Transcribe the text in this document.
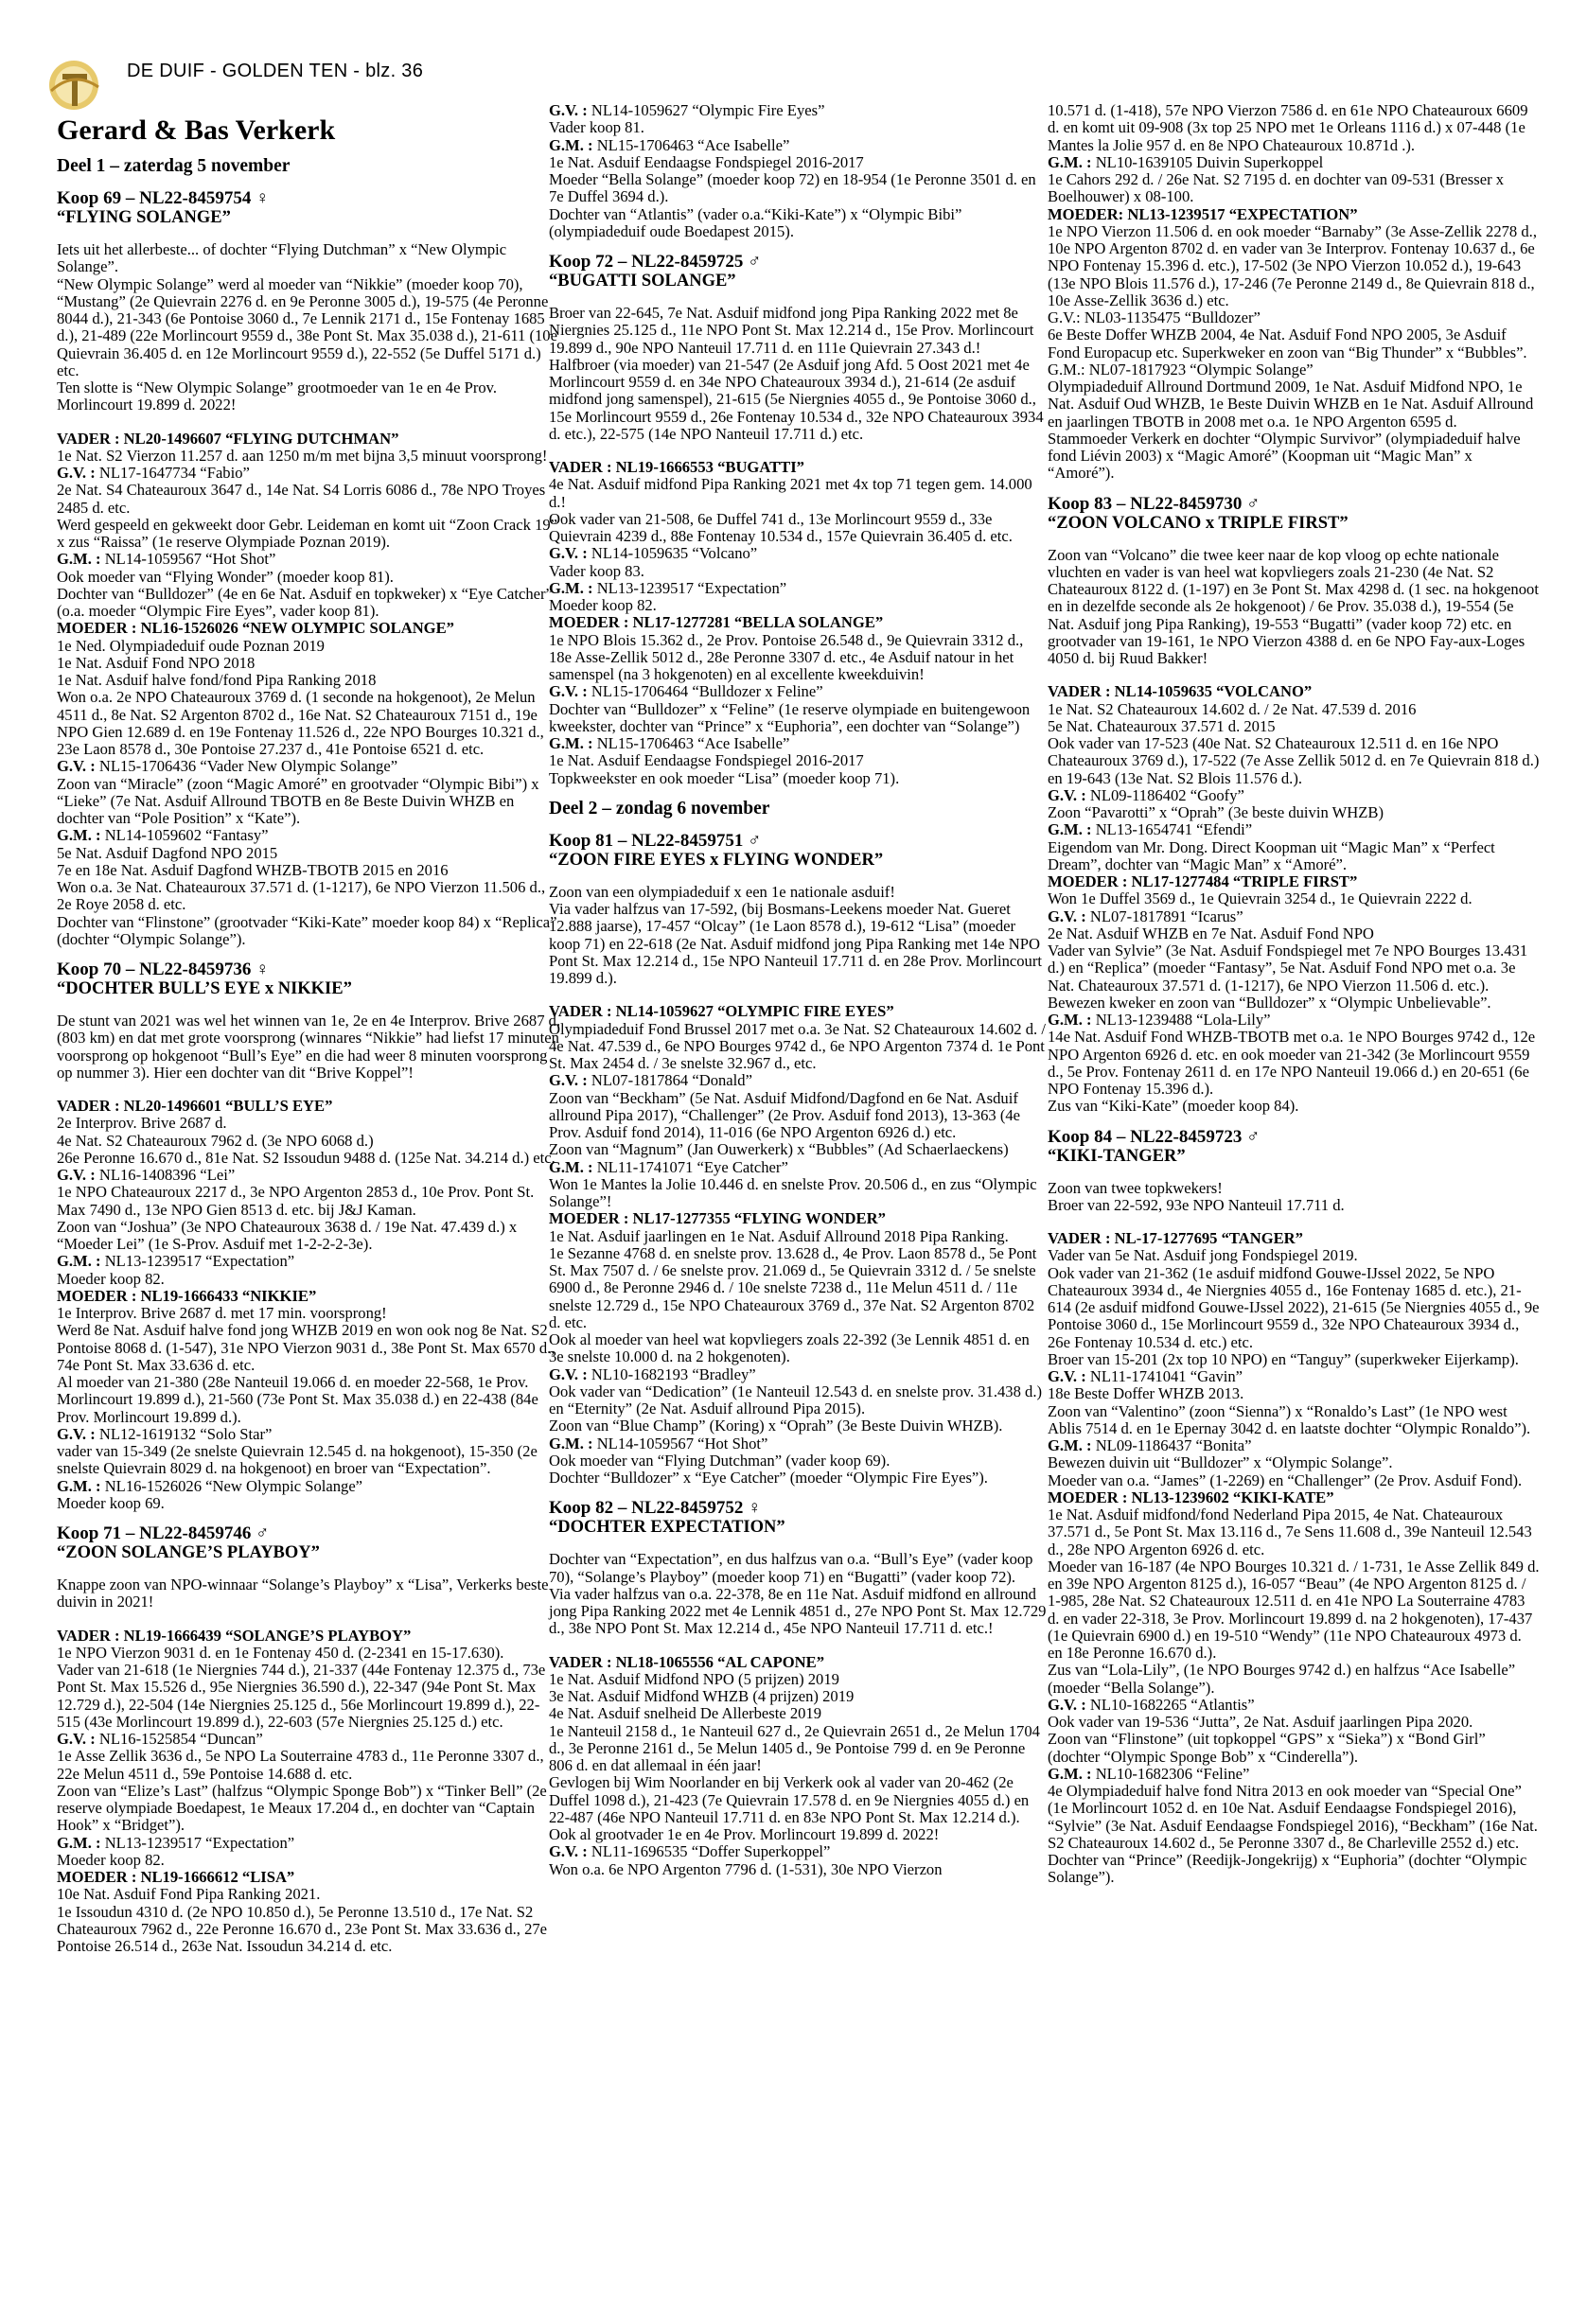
DE DUIF - GOLDEN TEN - blz. 36
Gerard & Bas Verkerk
Deel 1 – zaterdag 5 november
Koop 69 – NL22-8459754 ♀
“FLYING SOLANGE”
Iets uit het allerbeste... of dochter “Flying Dutchman” x “New Olympic Solange”.
“New Olympic Solange” werd al moeder van “Nikkie” (moeder koop 70), “Mustang” (2e Quievrain 2276 d. en 9e Peronne 3005 d.), 19-575 (4e Peronne 8044 d.), 21-343 (6e Pontoise 3060 d., 7e Lennik 2171 d., 15e Fontenay 1685 d.), 21-489 (22e Morlincourt 9559 d., 38e Pont St. Max 35.038 d.), 21-611 (10e Quievrain 36.405 d. en 12e Morlincourt 9559 d.), 22-552 (5e Duffel 5171 d.) etc.
Ten slotte is “New Olympic Solange” grootmoeder van 1e en 4e Prov. Morlincourt 19.899 d. 2022!
VADER : NL20-1496607 “FLYING DUTCHMAN”
1e Nat. S2 Vierzon 11.257 d. aan 1250 m/m met bijna 3,5 minuut voorsprong!
G.V. : NL17-1647734 “Fabio”
2e Nat. S4 Chateauroux 3647 d., 14e Nat. S4 Lorris 6086 d., 78e NPO Troyes 2485 d. etc.
Werd gespeeld en gekweekt door Gebr. Leideman en komt uit “Zoon Crack 19” x zus “Raissa” (1e reserve Olympiade Poznan 2019).
G.M. : NL14-1059567 “Hot Shot”
Ook moeder van “Flying Wonder” (moeder koop 81).
Dochter van “Bulldozer” (4e en 6e Nat. Asduif en topkweker) x “Eye Catcher” (o.a. moeder “Olympic Fire Eyes”, vader koop 81).
MOEDER : NL16-1526026 “NEW OLYMPIC SOLANGE”
1e Ned. Olympiadeduif oude Poznan 2019
1e Nat. Asduif Fond NPO 2018
1e Nat. Asduif halve fond/fond Pipa Ranking 2018
Won o.a. 2e NPO Chateauroux 3769 d. (1 seconde na hokgenoot), 2e Melun 4511 d., 8e Nat. S2 Argenton 8702 d., 16e Nat. S2 Chateauroux 7151 d., 19e NPO Gien 12.689 d. en 19e Fontenay 11.526 d., 22e NPO Bourges 10.321 d., 23e Laon 8578 d., 30e Pontoise 27.237 d., 41e Pontoise 6521 d. etc.
G.V. : NL15-1706436 “Vader New Olympic Solange”
Zoon van “Miracle” (zoon “Magic Amoré” en grootvader “Olympic Bibi”) x “Lieke” (7e Nat. Asduif Allround TBOTB en 8e Beste Duivin WHZB en dochter van “Pole Position” x “Kate”).
G.M. : NL14-1059602 “Fantasy”
5e Nat. Asduif Dagfond NPO 2015
7e en 18e Nat. Asduif Dagfond WHZB-TBOTB 2015 en 2016
Won o.a. 3e Nat. Chateauroux 37.571 d. (1-1217), 6e NPO Vierzon 11.506 d., 2e Roye 2058 d. etc.
Dochter van “Flinstone” (grootvader “Kiki-Kate” moeder koop 84) x “Replica” (dochter “Olympic Solange”).
Koop 70 – NL22-8459736 ♀
“DOCHTER BULL’S EYE x NIKKIE”
De stunt van 2021 was wel het winnen van 1e, 2e en 4e Interprov. Brive 2687 d. (803 km) en dat met grote voorsprong (winnares “Nikkie” had liefst 17 minuten voorsprong op hokgenoot “Bull’s Eye” en die had weer 8 minuten voorsprong op nummer 3). Hier een dochter van dit “Brive Koppel”!
VADER : NL20-1496601 “BULL’S EYE”
2e Interprov. Brive 2687 d.
4e Nat. S2 Chateauroux 7962 d. (3e NPO 6068 d.)
26e Peronne 16.670 d., 81e Nat. S2 Issoudun 9488 d. (125e Nat. 34.214 d.) etc.
G.V. : NL16-1408396 “Lei”
1e NPO Chateauroux 2217 d., 3e NPO Argenton 2853 d., 10e Prov. Pont St. Max 7490 d., 13e NPO Gien 8513 d. etc. bij J&J Kaman.
Zoon van “Joshua” (3e NPO Chateauroux 3638 d. / 19e Nat. 47.439 d.) x “Moeder Lei” (1e S-Prov. Asduif met 1-2-2-2-3e).
G.M. : NL13-1239517 “Expectation”
Moeder koop 82.
MOEDER : NL19-1666433 “NIKKIE”
1e Interprov. Brive 2687 d. met 17 min. voorsprong!
Werd 8e Nat. Asduif halve fond jong WHZB 2019 en won ook nog 8e Nat. S2 Pontoise 8068 d. (1-547), 31e NPO Vierzon 9031 d., 38e Pont St. Max 6570 d., 74e Pont St. Max 33.636 d. etc.
Al moeder van 21-380 (28e Nanteuil 19.066 d. en moeder 22-568, 1e Prov. Morlincourt 19.899 d.), 21-560 (73e Pont St. Max 35.038 d.) en 22-438 (84e Prov. Morlincourt 19.899 d.).
G.V. : NL12-1619132 “Solo Star”
vader van 15-349 (2e snelste Quievrain 12.545 d. na hokgenoot), 15-350 (2e snelste Quievrain 8029 d. na hokgenoot) en broer van “Expectation”.
G.M. : NL16-1526026 “New Olympic Solange”
Moeder koop 69.
Koop 71 – NL22-8459746 ♂
“ZOON SOLANGE’S PLAYBOY”
Knappe zoon van NPO-winnaar “Solange’s Playboy” x “Lisa”, Verkerks beste duivin in 2021!
VADER : NL19-1666439 “SOLANGE’S PLAYBOY”
1e NPO Vierzon 9031 d. en 1e Fontenay 450 d. (2-2341 en 15-17.630).
Vader van 21-618 (1e Niergnies 744 d.), 21-337 (44e Fontenay 12.375 d., 73e Pont St. Max 15.526 d., 95e Niergnies 36.590 d.), 22-347 (94e Pont St. Max 12.729 d.), 22-504 (14e Niergnies 25.125 d., 56e Morlincourt 19.899 d.), 22-515 (43e Morlincourt 19.899 d.), 22-603 (57e Niergnies 25.125 d.) etc.
G.V. : NL16-1525854 “Duncan”
1e Asse Zellik 3636 d., 5e NPO La Souterraine 4783 d., 11e Peronne 3307 d., 22e Melun 4511 d., 59e Pontoise 14.688 d. etc.
Zoon van “Elize’s Last” (halfzus “Olympic Sponge Bob”) x “Tinker Bell” (2e reserve olympiade Boedapest, 1e Meaux 17.204 d., en dochter van “Captain Hook” x “Bridget”).
G.M. : NL13-1239517 “Expectation”
Moeder koop 82.
MOEDER : NL19-1666612 “LISA”
10e Nat. Asduif Fond Pipa Ranking 2021.
1e Issoudun 4310 d. (2e NPO 10.850 d.), 5e Peronne 13.510 d., 17e Nat. S2 Chateauroux 7962 d., 22e Peronne 16.670 d., 23e Pont St. Max 33.636 d., 27e Pontoise 26.514 d., 263e Nat. Issoudun 34.214 d. etc.
G.V. : NL14-1059627 “Olympic Fire Eyes”
Vader koop 81.
G.M. : NL15-1706463 “Ace Isabelle”
1e Nat. Asduif Eendaagse Fondspiegel 2016-2017
Moeder “Bella Solange” (moeder koop 72) en 18-954 (1e Peronne 3501 d. en 7e Duffel 3694 d.).
Dochter van “Atlantis” (vader o.a.“Kiki-Kate”) x “Olympic Bibi” (olympiadeduif oude Boedapest 2015).
Koop 72 – NL22-8459725 ♂
“BUGATTI SOLANGE”
Broer van 22-645, 7e Nat. Asduif midfond jong Pipa Ranking 2022 met 8e Niergnies 25.125 d., 11e NPO Pont St. Max 12.214 d., 15e Prov. Morlincourt 19.899 d., 90e NPO Nanteuil 17.711 d. en 111e Quievrain 27.343 d.!
Halfbroer (via moeder) van 21-547 (2e Asduif jong Afd. 5 Oost 2021 met 4e Morlincourt 9559 d. en 34e NPO Chateauroux 3934 d.), 21-614 (2e asduif midfond jong samenspel), 21-615 (5e Niergnies 4055 d., 9e Pontoise 3060 d., 15e Morlincourt 9559 d., 26e Fontenay 10.534 d., 32e NPO Chateauroux 3934 d. etc.), 22-575 (14e NPO Nanteuil 17.711 d.) etc.
VADER : NL19-1666553 “BUGATTI”
4e Nat. Asduif midfond Pipa Ranking 2021 met 4x top 71 tegen gem. 14.000 d.!
Ook vader van 21-508, 6e Duffel 741 d., 13e Morlincourt 9559 d., 33e Quievrain 4239 d., 88e Fontenay 10.534 d., 157e Quievrain 36.405 d. etc.
G.V. : NL14-1059635 “Volcano”
Vader koop 83.
G.M. : NL13-1239517 “Expectation”
Moeder koop 82.
MOEDER : NL17-1277281 “BELLA SOLANGE”
1e NPO Blois 15.362 d., 2e Prov. Pontoise 26.548 d., 9e Quievrain 3312 d., 18e Asse-Zellik 5012 d., 28e Peronne 3307 d. etc., 4e Asduif natour in het samenspel (na 3 hokgenoten) en al excellente kweekduivin!
G.V. : NL15-1706464 “Bulldozer x Feline”
Dochter van “Bulldozer” x “Feline” (1e reserve olympiade en buitengewoon kweekster, dochter van “Prince” x “Euphoria”, een dochter van “Solange”)
G.M. : NL15-1706463 “Ace Isabelle”
1e Nat. Asduif Eendaagse Fondspiegel 2016-2017
Topkweekster en ook moeder “Lisa” (moeder koop 71).
Deel 2 – zondag 6 november
Koop 81 – NL22-8459751 ♂
“ZOON FIRE EYES x FLYING WONDER”
Zoon van een olympiadeduif x een 1e nationale asduif!
Via vader halfzus van 17-592, (bij Bosmans-Leekens moeder Nat. Gueret 12.888 jaarse), 17-457 “Olcay” (1e Laon 8578 d.), 19-612 “Lisa” (moeder koop 71) en 22-618 (2e Nat. Asduif midfond jong Pipa Ranking met 14e NPO Pont St. Max 12.214 d., 15e NPO Nanteuil 17.711 d. en 28e Prov. Morlincourt 19.899 d.).
VADER : NL14-1059627 “OLYMPIC FIRE EYES”
Olympiadeduif Fond Brussel 2017 met o.a. 3e Nat. S2 Chateauroux 14.602 d. / 4e Nat. 47.539 d., 6e NPO Bourges 9742 d., 6e NPO Argenton 7374 d. 1e Pont St. Max 2454 d. / 3e snelste 32.967 d., etc.
G.V. : NL07-1817864 “Donald”
Zoon van “Beckham” (5e Nat. Asduif Midfond/Dagfond en 6e Nat. Asduif allround Pipa 2017), “Challenger” (2e Prov. Asduif fond 2013), 13-363 (4e Prov. Asduif fond 2014), 11-016 (6e NPO Argenton 6926 d.) etc.
Zoon van “Magnum” (Jan Ouwerkerk) x “Bubbles” (Ad Schaerlaeckens)
G.M. : NL11-1741071 “Eye Catcher”
Won 1e Mantes la Jolie 10.446 d. en snelste Prov. 20.506 d., en zus “Olympic Solange”!
MOEDER : NL17-1277355 “FLYING WONDER”
1e Nat. Asduif jaarlingen en 1e Nat. Asduif Allround 2018 Pipa Ranking.
1e Sezanne 4768 d. en snelste prov. 13.628 d., 4e Prov. Laon 8578 d., 5e Pont St. Max 7507 d. / 6e snelste prov. 21.069 d., 5e Quievrain 3312 d. / 5e snelste 6900 d., 8e Peronne 2946 d. / 10e snelste 7238 d., 11e Melun 4511 d. / 11e snelste 12.729 d., 15e NPO Chateauroux 3769 d., 37e Nat. S2 Argenton 8702 d. etc.
Ook al moeder van heel wat kopvliegers zoals 22-392 (3e Lennik 4851 d. en 3e snelste 10.000 d. na 2 hokgenoten).
G.V. : NL10-1682193 “Bradley”
Ook vader van “Dedication” (1e Nanteuil 12.543 d. en snelste prov. 31.438 d.) en “Eternity” (2e Nat. Asduif allround Pipa 2015).
Zoon van “Blue Champ” (Koring) x “Oprah” (3e Beste Duivin WHZB).
G.M. : NL14-1059567 “Hot Shot”
Ook moeder van “Flying Dutchman” (vader koop 69).
Dochter “Bulldozer” x “Eye Catcher” (moeder “Olympic Fire Eyes”).
Koop 82 – NL22-8459752 ♀
“DOCHTER EXPECTATION”
Dochter van “Expectation”, en dus halfzus van o.a. “Bull’s Eye” (vader koop 70), “Solange’s Playboy” (moeder koop 71) en “Bugatti” (vader koop 72).
Via vader halfzus van o.a. 22-378, 8e en 11e Nat. Asduif midfond en allround jong Pipa Ranking 2022 met 4e Lennik 4851 d., 27e NPO Pont St. Max 12.729 d., 38e NPO Pont St. Max 12.214 d., 45e NPO Nanteuil 17.711 d. etc.!
VADER : NL18-1065556 “AL CAPONE”
1e Nat. Asduif Midfond NPO (5 prijzen) 2019
3e Nat. Asduif Midfond WHZB (4 prijzen) 2019
4e Nat. Asduif snelheid De Allerbeste 2019
1e Nanteuil 2158 d., 1e Nanteuil 627 d., 2e Quievrain 2651 d., 2e Melun 1704 d., 3e Peronne 2161 d., 5e Melun 1405 d., 9e Pontoise 799 d. en 9e Peronne 806 d. en dat allemaal in één jaar!
Gevlogen bij Wim Noorlander en bij Verkerk ook al vader van 20-462 (2e Duffel 1098 d.), 21-423 (7e Quievrain 17.578 d. en 9e Niergnies 4055 d.) en 22-487 (46e NPO Nanteuil 17.711 d. en 83e NPO Pont St. Max 12.214 d.).
Ook al grootvader 1e en 4e Prov. Morlincourt 19.899 d. 2022!
G.V. : NL11-1696535 “Doffer Superkoppel”
Won o.a. 6e NPO Argenton 7796 d. (1-531), 30e NPO Vierzon
10.571 d. (1-418), 57e NPO Vierzon 7586 d. en 61e NPO Chateauroux 6609 d. en komt uit 09-908 (3x top 25 NPO met 1e Orleans 1116 d.) x 07-448 (1e Mantes la Jolie 957 d. en 8e NPO Chateauroux 10.871d .).
G.M. : NL10-1639105 Duivin Superkoppel
1e Cahors 292 d. / 26e Nat. S2 7195 d. en dochter van 09-531 (Bresser x Boelhouwer) x 08-100.
MOEDER: NL13-1239517 “EXPECTATION”
1e NPO Vierzon 11.506 d. en ook moeder “Barnaby” (3e Asse-Zellik 2278 d., 10e NPO Argenton 8702 d. en vader van 3e Interprov. Fontenay 10.637 d., 6e NPO Fontenay 15.396 d. etc.), 17-502 (3e NPO Vierzon 10.052 d.), 19-643 (13e NPO Blois 11.576 d.), 17-246 (7e Peronne 2149 d., 8e Quievrain 818 d., 10e Asse-Zellik 3636 d.) etc.
G.V.: NL03-1135475 “Bulldozer”
6e Beste Doffer WHZB 2004, 4e Nat. Asduif Fond NPO 2005, 3e Asduif Fond Europacup etc. Superkweker en zoon van “Big Thunder” x “Bubbles”.
G.M.: NL07-1817923 “Olympic Solange”
Olympiadeduif Allround Dortmund 2009, 1e Nat. Asduif Midfond NPO, 1e Nat. Asduif Oud WHZB, 1e Beste Duivin WHZB en 1e Nat. Asduif Allround en jaarlingen TBOTB in 2008 met o.a. 1e NPO Argenton 6595 d.
Stammoeder Verkerk en dochter “Olympic Survivor” (olympiadeduif halve fond Liévin 2003) x “Magic Amoré” (Koopman uit “Magic Man” x “Amoré”).
Koop 83 – NL22-8459730 ♂
“ZOON VOLCANO x TRIPLE FIRST”
Zoon van “Volcano” die twee keer naar de kop vloog op echte nationale vluchten en vader is van heel wat kopvliegers zoals 21-230 (4e Nat. S2 Chateauroux 8122 d. (1-197) en 3e Pont St. Max 4298 d. (1 sec. na hokgenoot en in dezelfde seconde als 2e hokgenoot) / 6e Prov. 35.038 d.), 19-554 (5e Nat. Asduif jong Pipa Ranking), 19-553 “Bugatti” (vader koop 72) etc. en grootvader van 19-161, 1e NPO Vierzon 4388 d. en 6e NPO Fay-aux-Loges 4050 d. bij Ruud Bakker!
VADER : NL14-1059635 “VOLCANO”
1e Nat. S2 Chateauroux 14.602 d. / 2e Nat. 47.539 d. 2016
5e Nat. Chateauroux 37.571 d. 2015
Ook vader van 17-523 (40e Nat. S2 Chateauroux 12.511 d. en 16e NPO Chateauroux 3769 d.), 17-522 (7e Asse Zellik 5012 d. en 7e Quievrain 818 d.) en 19-643 (13e Nat. S2 Blois 11.576 d.).
G.V. : NL09-1186402 “Goofy”
Zoon “Pavarotti” x “Oprah” (3e beste duivin WHZB)
G.M. : NL13-1654741 “Efendi”
Eigendom van Mr. Dong. Direct Koopman uit “Magic Man” x “Perfect Dream”, dochter van “Magic Man” x “Amoré”.
MOEDER : NL17-1277484 “TRIPLE FIRST”
Won 1e Duffel 3569 d., 1e Quievrain 3254 d., 1e Quievrain 2222 d.
G.V. : NL07-1817891 “Icarus”
2e Nat. Asduif WHZB en 7e Nat. Asduif Fond NPO
Vader van Sylvie” (3e Nat. Asduif Fondspiegel met 7e NPO Bourges 13.431 d.) en “Replica” (moeder “Fantasy”, 5e Nat. Asduif Fond NPO met o.a. 3e Nat. Chateauroux 37.571 d. (1-1217), 6e NPO Vierzon 11.506 d. etc.).
Bewezen kweker en zoon van “Bulldozer” x “Olympic Unbelievable”.
G.M. : NL13-1239488 “Lola-Lily”
14e Nat. Asduif Fond WHZB-TBOTB met o.a. 1e NPO Bourges 9742 d., 12e NPO Argenton 6926 d. etc. en ook moeder van 21-342 (3e Morlincourt 9559 d., 5e Prov. Fontenay 2611 d. en 17e NPO Nanteuil 19.066 d.) en 20-651 (6e NPO Fontenay 15.396 d.).
Zus van “Kiki-Kate” (moeder koop 84).
Koop 84 – NL22-8459723 ♂
“KIKI-TANGER”
Zoon van twee topkwekers!
Broer van 22-592, 93e NPO Nanteuil 17.711 d.
VADER : NL-17-1277695 “TANGER”
Vader van 5e Nat. Asduif jong Fondspiegel 2019.
Ook vader van 21-362 (1e asduif midfond Gouwe-IJssel 2022, 5e NPO Chateauroux 3934 d., 4e Niergnies 4055 d., 16e Fontenay 1685 d. etc.), 21-614 (2e asduif midfond Gouwe-IJssel 2022), 21-615 (5e Niergnies 4055 d., 9e Pontoise 3060 d., 15e Morlincourt 9559 d., 32e NPO Chateauroux 3934 d., 26e Fontenay 10.534 d. etc.) etc.
Broer van 15-201 (2x top 10 NPO) en “Tanguy” (superkweker Eijerkamp).
G.V. : NL11-1741041 “Gavin”
18e Beste Doffer WHZB 2013.
Zoon van “Valentino” (zoon “Sienna”) x “Ronaldo’s Last” (1e NPO west Ablis 7514 d. en 1e Epernay 3042 d. en laatste dochter “Olympic Ronaldo”).
G.M. : NL09-1186437 “Bonita”
Bewezen duivin uit “Bulldozer” x “Olympic Solange”.
Moeder van o.a. “James” (1-2269) en “Challenger” (2e Prov. Asduif Fond).
MOEDER : NL13-1239602 “KIKI-KATE”
1e Nat. Asduif midfond/fond Nederland Pipa 2015, 4e Nat. Chateauroux 37.571 d., 5e Pont St. Max 13.116 d., 7e Sens 11.608 d., 39e Nanteuil 12.543 d., 28e NPO Argenton 6926 d. etc.
Moeder van 16-187 (4e NPO Bourges 10.321 d. / 1-731, 1e Asse Zellik 849 d. en 39e NPO Argenton 8125 d.), 16-057 “Beau” (4e NPO Argenton 8125 d. / 1-985, 28e Nat. S2 Chateauroux 12.511 d. en 41e NPO La Souterraine 4783 d. en vader 22-318, 3e Prov. Morlincourt 19.899 d. na 2 hokgenoten), 17-437 (1e Quievrain 6900 d.) en 19-510 “Wendy” (11e NPO Chateauroux 4973 d. en 18e Peronne 16.670 d.).
Zus van “Lola-Lily”, (1e NPO Bourges 9742 d.) en halfzus “Ace Isabelle” (moeder “Bella Solange”).
G.V. : NL10-1682265 “Atlantis”
Ook vader van 19-536 “Jutta”, 2e Nat. Asduif jaarlingen Pipa 2020.
Zoon van “Flinstone” (uit topkoppel “GPS” x “Sieka”) x “Bond Girl” (dochter “Olympic Sponge Bob” x “Cinderella”).
G.M. : NL10-1682306 “Feline”
4e Olympiadeduif halve fond Nitra 2013 en ook moeder van “Special One” (1e Morlincourt 1052 d. en 10e Nat. Asduif Eendaagse Fondspiegel 2016), “Sylvie” (3e Nat. Asduif Eendaagse Fondspiegel 2016), “Beckham” (16e Nat. S2 Chateauroux 14.602 d., 5e Peronne 3307 d., 8e Charleville 2552 d.) etc.
Dochter van “Prince” (Reedijk-Jongekrijg) x “Euphoria” (dochter “Olympic Solange”).
